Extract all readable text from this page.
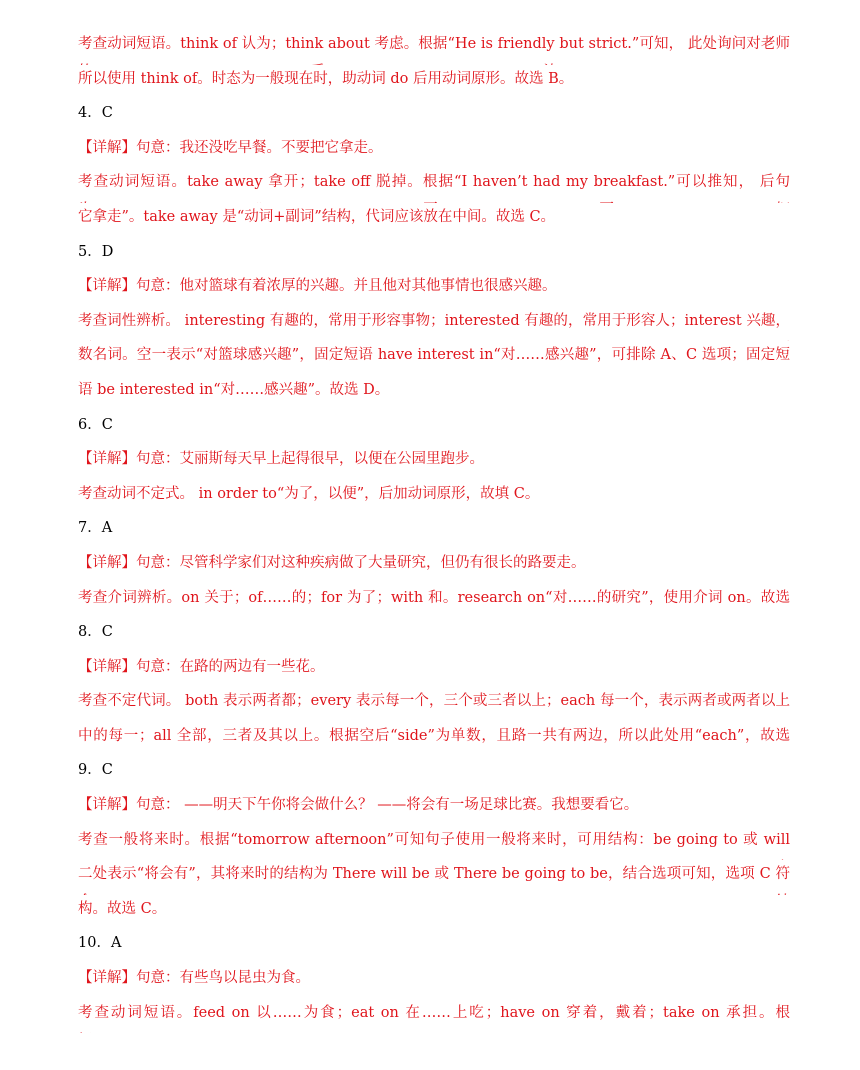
考查动词短语。think of 认为；think about 考虑。根据“He is friendly but strict.”可知， 此处询问对老师
所以使用 think of。时态为一般现在时，助动词 do 后用动词原形。故选 B。
4．C
【详解】句意：我还没吃早餐。不要把它拿走。
考查动词短语。take away 拿开；take off 脱掉。根据“I haven’t had my breakfast.”可以推知， 后句
它拿走”。take away 是“动词+副词”结构，代词应该放在中间。故选 C。
5．D
【详解】句意：他对篮球有着浓厚的兴趣。并且他对其他事情也很感兴趣。
考查词性辨析。 interesting 有趣的，常用于形容事物；interested 有趣的，常用于形容人；interest 兴趣，
数名词。空一表示“对篮球感兴趣”，固定短语 have interest in“对……感兴趣”，可排除 A、C 选项；固定短
语 be interested in“对……感兴趣”。故选 D。
6．C
【详解】句意：艾丽斯每天早上起得很早，以便在公园里跑步。
考查动词不定式。 in order to“为了，以便”，后加动词原形，故填 C。
7．A
【详解】句意：尽管科学家们对这种疾病做了大量研究，但仍有很长的路要走。
考查介词辨析。on 关于；of……的；for 为了；with 和。research on“对……的研究”，使用介词 on。故选
8．C
【详解】句意：在路的两边有一些花。
考查不定代词。 both 表示两者都；every 表示每一个，三个或三者以上；each 每一个，表示两者或两者以上
中的每一；all 全部，三者及其以上。根据空后“side”为单数，且路一共有两边，所以此处用“each”，故选
9．C
【详解】句意： ——明天下午你将会做什么？ ——将会有一场足球比赛。我想要看它。
考查一般将来时。根据“tomorrow afternoon”可知句子使用一般将来时，可用结构：be going to 或 will
二处表示“将会有”，其将来时的结构为 There will be 或 There be going to be，结合选项可知，选项 C 符
构。故选 C。
10．A
【详解】句意：有些鸟以昆虫为食。
考查动词短语。feed on 以……为食；eat on 在……上吃；have on 穿着，戴着；take on 承担。根
